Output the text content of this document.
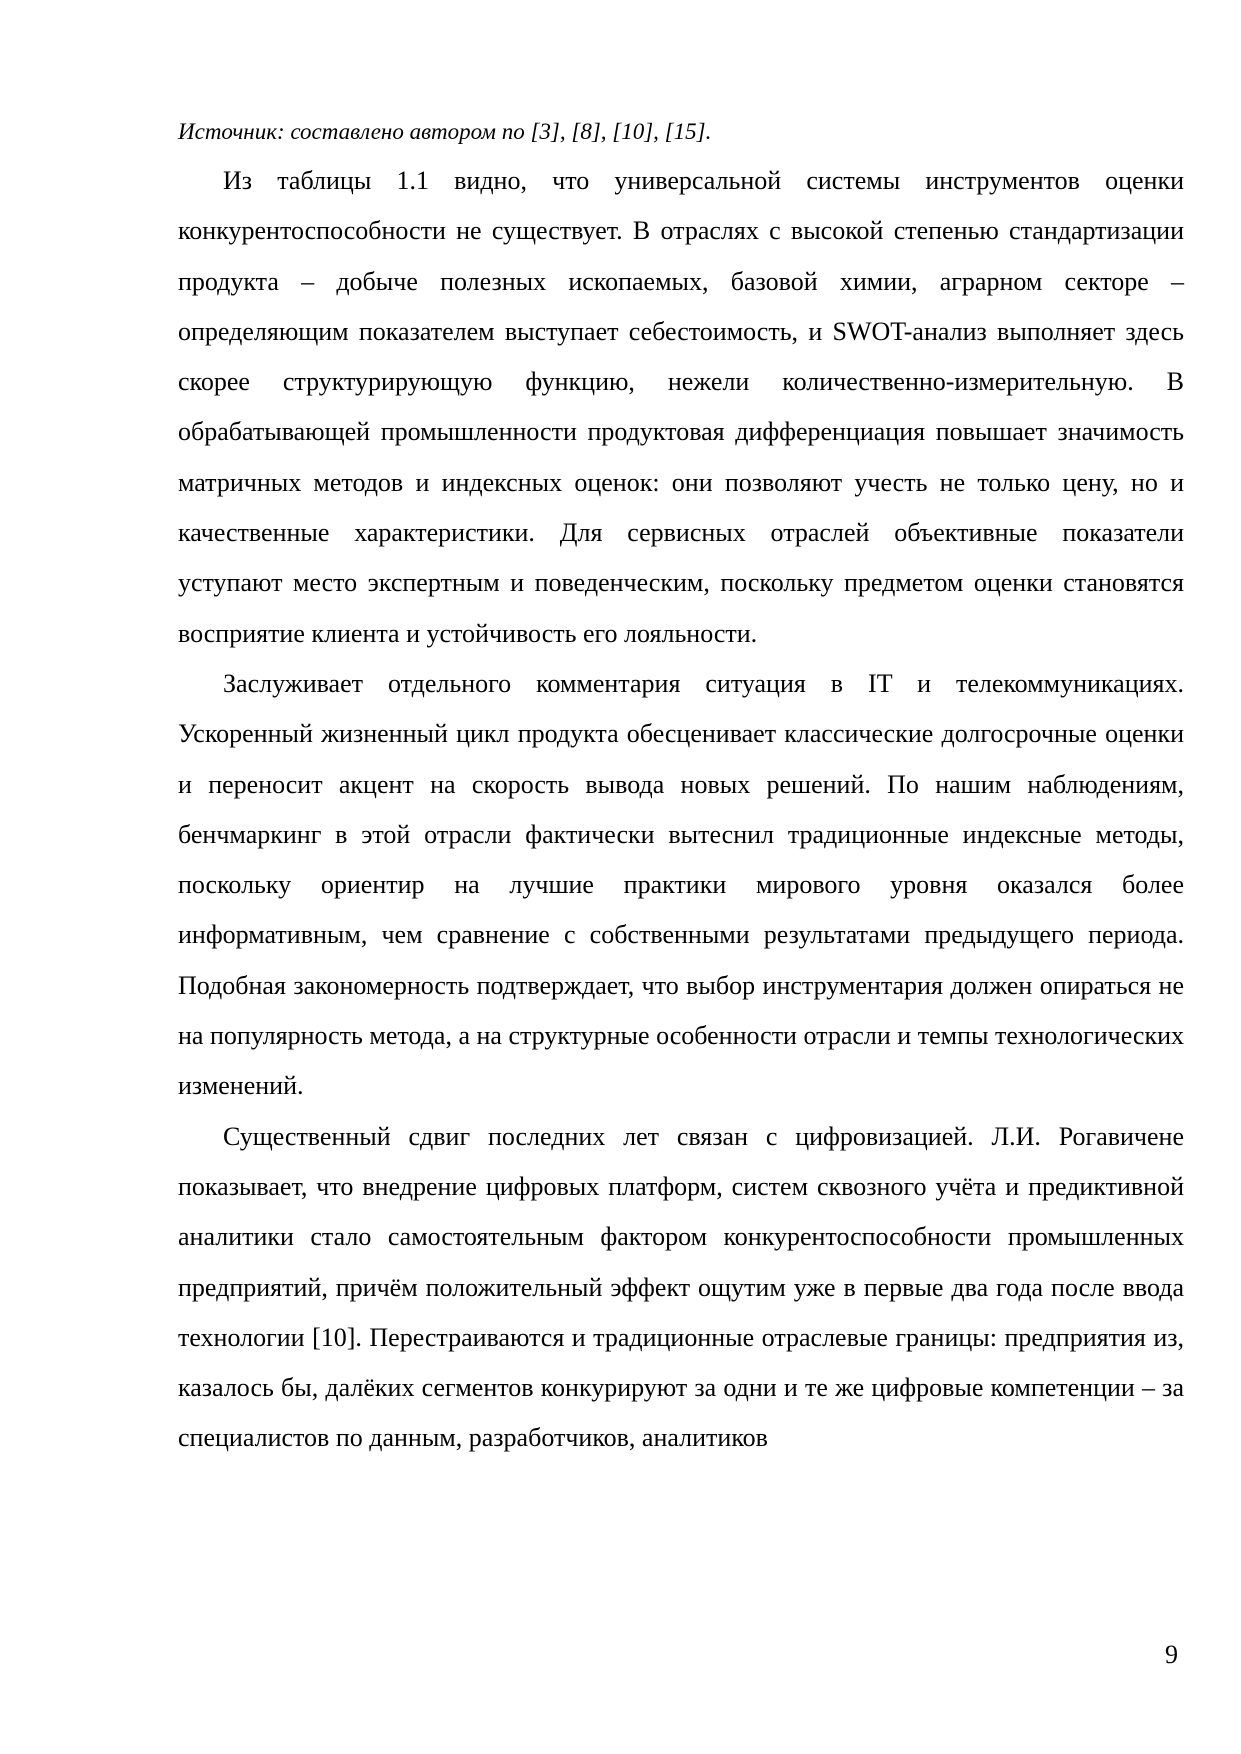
Источник: составлено автором по [3], [8], [10], [15].

Из таблицы 1.1 видно, что универсальной системы инструментов оценки конкурентоспособности не существует. В отраслях с высокой степенью стандартизации продукта – добыче полезных ископаемых, базовой химии, аграрном секторе – определяющим показателем выступает себестоимость, и SWOT-анализ выполняет здесь скорее структурирующую функцию, нежели количественно-измерительную. В обрабатывающей промышленности продуктовая дифференциация повышает значимость матричных методов и индексных оценок: они позволяют учесть не только цену, но и качественные характеристики. Для сервисных отраслей объективные показатели уступают место экспертным и поведенческим, поскольку предметом оценки становятся восприятие клиента и устойчивость его лояльности.

Заслуживает отдельного комментария ситуация в IT и телекоммуникациях. Ускоренный жизненный цикл продукта обесценивает классические долгосрочные оценки и переносит акцент на скорость вывода новых решений. По нашим наблюдениям, бенчмаркинг в этой отрасли фактически вытеснил традиционные индексные методы, поскольку ориентир на лучшие практики мирового уровня оказался более информативным, чем сравнение с собственными результатами предыдущего периода. Подобная закономерность подтверждает, что выбор инструментария должен опираться не на популярность метода, а на структурные особенности отрасли и темпы технологических изменений.

Существенный сдвиг последних лет связан с цифровизацией. Л.И. Рогавичене показывает, что внедрение цифровых платформ, систем сквозного учёта и предиктивной аналитики стало самостоятельным фактором конкурентоспособности промышленных предприятий, причём положительный эффект ощутим уже в первые два года после ввода технологии [10]. Перестраиваются и традиционные отраслевые границы: предприятия из, казалось бы, далёких сегментов конкурируют за одни и те же цифровые компетенции – за специалистов по данным, разработчиков, аналитиков

9
